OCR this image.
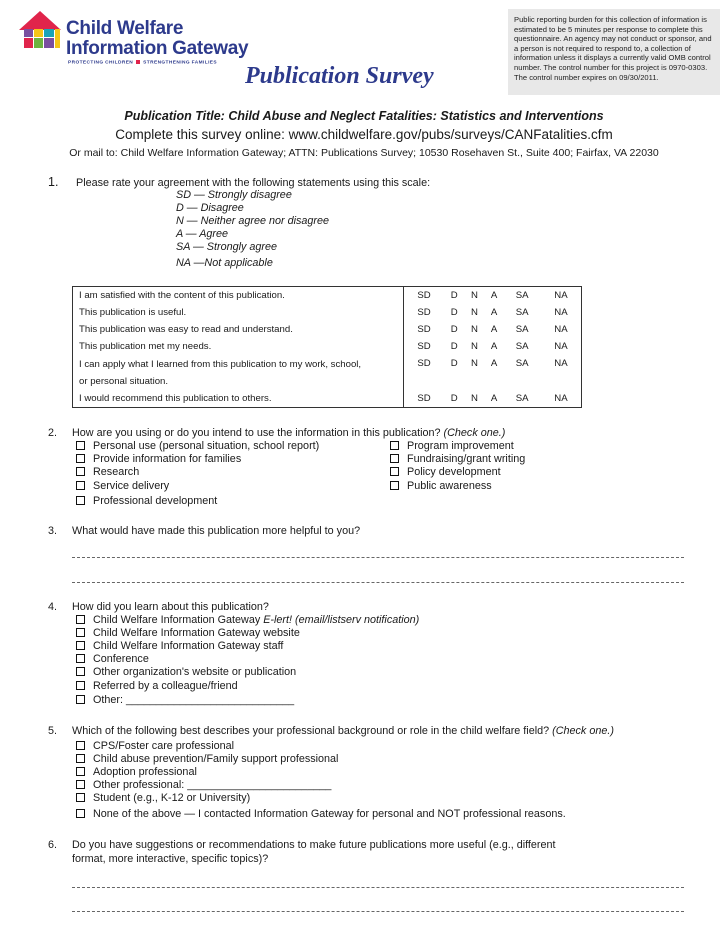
Child Welfare
Information Gateway
PROTECTING CHILDREN STRENGTHENING FAMILIES
Publication Survey
Public reporting burden for this collection of information is estimated to be 5 minutes per response to complete this questionnaire. An agency may not conduct or sponsor, and a person is not required to respond to, a collection of information unless it displays a currently valid OMB control number. The control number for this project is 0970-0303. The control number expires on 09/30/2011.
Publication Title: Child Abuse and Neglect Fatalities: Statistics and Interventions
Complete this survey online: www.childwelfare.gov/pubs/surveys/CANFatalities.cfm
Or mail to: Child Welfare Information Gateway; ATTN: Publications Survey; 10530 Rosehaven St., Suite 400; Fairfax, VA 22030
1. Please rate your agreement with the following statements using this scale:
SD — Strongly disagree
D — Disagree
N — Neither agree nor disagree
A — Agree
SA — Strongly agree
NA —Not applicable
I am satisfied with the content of this publication.	SD	D	N	A	SA	NA
This publication is useful.	SD	D	N	A	SA	NA
This publication was easy to read and understand.	SD	D	N	A	SA	NA
This publication met my needs.	SD	D	N	A	SA	NA
I can apply what I learned from this publication to my work, school,
or personal situation.	SD	D	N	A	SA	NA
I would recommend this publication to others.	SD	D	N	A	SA	NA
2. How are you using or do you intend to use the information in this publication? (Check one.)
Personal use (personal situation, school report)
Provide information for families
Research
Service delivery
Professional development
Program improvement
Fundraising/grant writing
Policy development
Public awareness
3. What would have made this publication more helpful to you?
4. How did you learn about this publication?
Child Welfare Information Gateway E-lert! (email/listserv notification)
Child Welfare Information Gateway website
Child Welfare Information Gateway staff
Conference
Other organization's website or publication
Referred by a colleague/friend
Other: ____________________________
5. Which of the following best describes your professional background or role in the child welfare field? (Check one.)
CPS/Foster care professional
Child abuse prevention/Family support professional
Adoption professional
Other professional: ________________________
Student (e.g., K-12 or University)
None of the above — I contacted Information Gateway for personal and NOT professional reasons.
6. Do you have suggestions or recommendations to make future publications more useful (e.g., different
format, more interactive, specific topics)?
